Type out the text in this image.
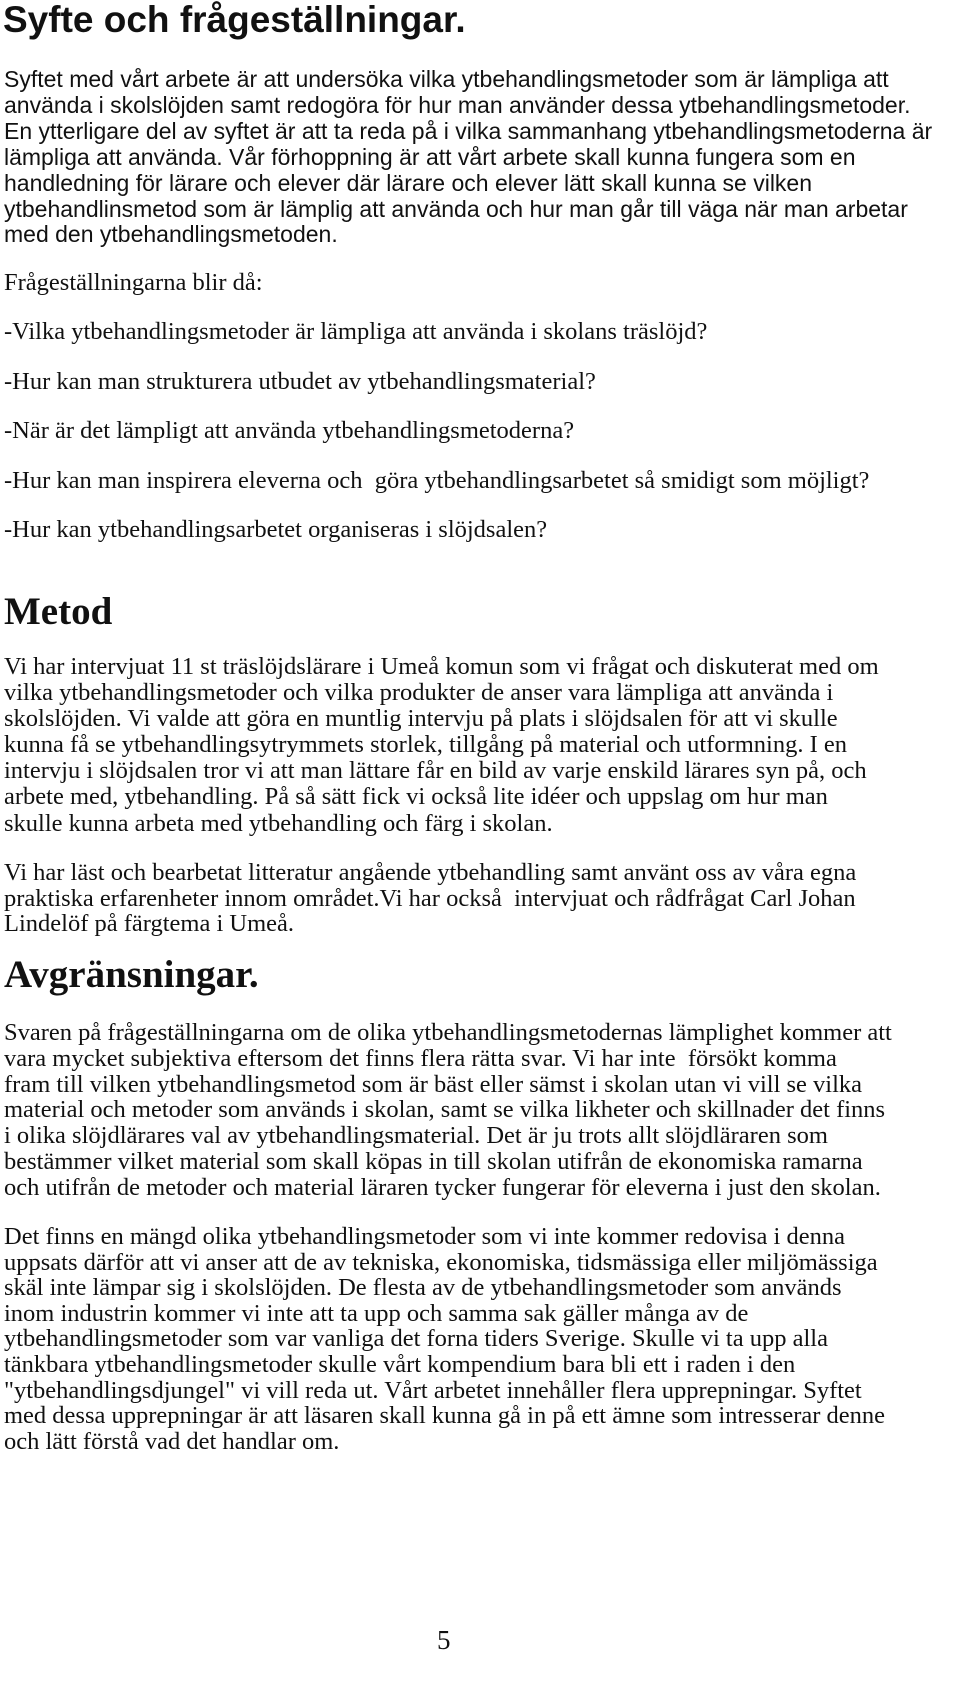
Syfte och frågeställningar.
Syftet med vårt arbete är att undersöka vilka ytbehandlingsmetoder som är lämpliga att
använda i skolslöjden samt redogöra för hur man använder dessa ytbehandlingsmetoder.
En ytterligare del av syftet är att ta reda på i vilka sammanhang ytbehandlingsmetoderna är
lämpliga att använda. Vår förhoppning är att vårt arbete skall kunna fungera som en
handledning för lärare och elever där lärare och elever lätt skall kunna se vilken
ytbehandlinsmetod som är lämplig att använda och hur man går till väga när man arbetar
med den ytbehandlingsmetoden.
Frågeställningarna blir då:
-Vilka ytbehandlingsmetoder är lämpliga att använda i skolans träslöjd?
-Hur kan man strukturera utbudet av ytbehandlingsmaterial?
-När är det lämpligt att använda ytbehandlingsmetoderna?
-Hur kan man inspirera eleverna och  göra ytbehandlingsarbetet så smidigt som möjligt?
-Hur kan ytbehandlingsarbetet organiseras i slöjdsalen?
Metod
Vi har intervjuat 11 st träslöjdslärare i Umeå komun som vi frågat och diskuterat med om
vilka ytbehandlingsmetoder och vilka produkter de anser vara lämpliga att använda i
skolslöjden. Vi valde att göra en muntlig intervju på plats i slöjdsalen för att vi skulle
kunna få se ytbehandlingsytrymmets storlek, tillgång på material och utformning. I en
intervju i slöjdsalen tror vi att man lättare får en bild av varje enskild lärares syn på, och
arbete med, ytbehandling. På så sätt fick vi också lite idéer och uppslag om hur man
skulle kunna arbeta med ytbehandling och färg i skolan.
Vi har läst och bearbetat litteratur angående ytbehandling samt använt oss av våra egna
praktiska erfarenheter innom området.Vi har också  intervjuat och rådfrågat Carl Johan
Lindelöf på färgtema i Umeå.
Avgränsningar.
Svaren på frågeställningarna om de olika ytbehandlingsmetodernas lämplighet kommer att
vara mycket subjektiva eftersom det finns flera rätta svar. Vi har inte  försökt komma
fram till vilken ytbehandlingsmetod som är bäst eller sämst i skolan utan vi vill se vilka
material och metoder som används i skolan, samt se vilka likheter och skillnader det finns
i olika slöjdlärares val av ytbehandlingsmaterial. Det är ju trots allt slöjdläraren som
bestämmer vilket material som skall köpas in till skolan utifrån de ekonomiska ramarna
och utifrån de metoder och material läraren tycker fungerar för eleverna i just den skolan.
Det finns en mängd olika ytbehandlingsmetoder som vi inte kommer redovisa i denna
uppsats därför att vi anser att de av tekniska, ekonomiska, tidsmässiga eller miljömässiga
skäl inte lämpar sig i skolslöjden. De flesta av de ytbehandlingsmetoder som används
inom industrin kommer vi inte att ta upp och samma sak gäller många av de
ytbehandlingsmetoder som var vanliga det forna tiders Sverige. Skulle vi ta upp alla
tänkbara ytbehandlingsmetoder skulle vårt kompendium bara bli ett i raden i den
"ytbehandlingsdjungel" vi vill reda ut. Vårt arbetet innehåller flera upprepningar. Syftet
med dessa upprepningar är att läsaren skall kunna gå in på ett ämne som intresserar denne
och lätt förstå vad det handlar om.
5
